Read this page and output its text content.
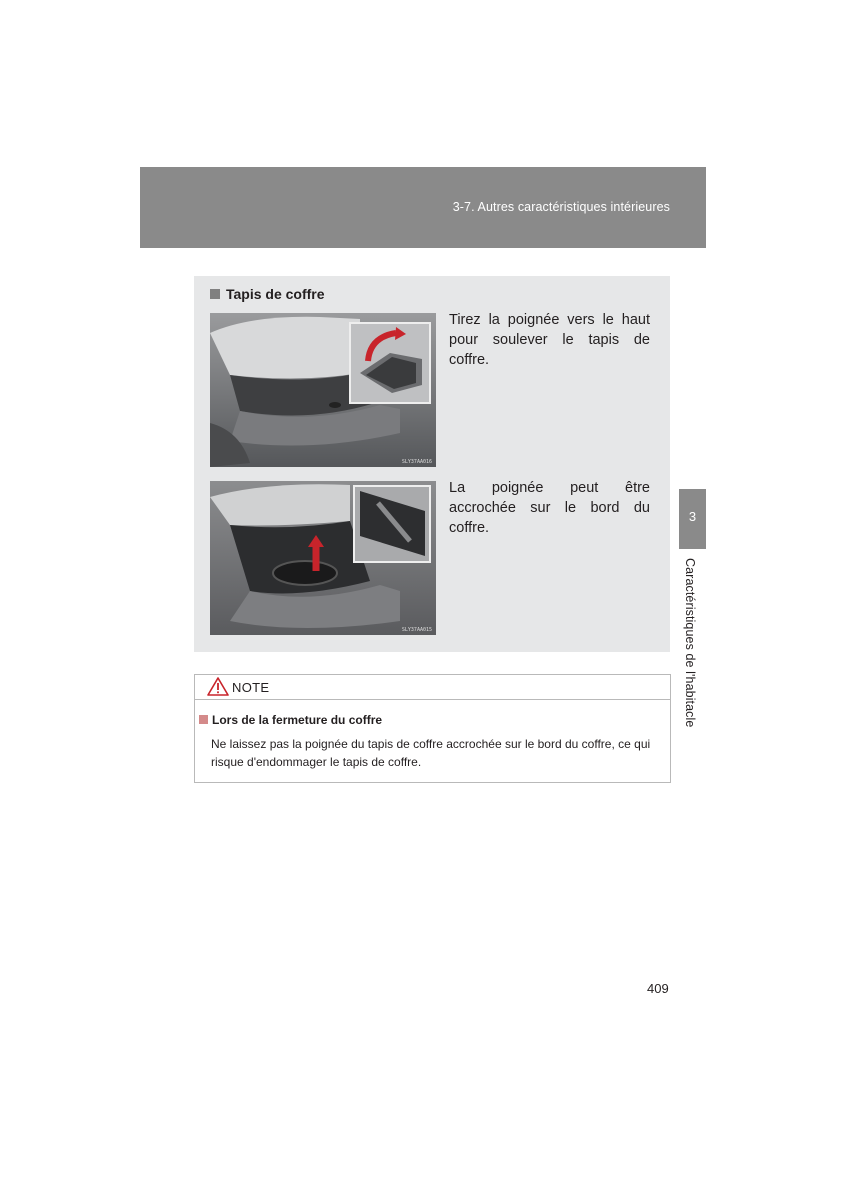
3-7. Autres caractéristiques intérieures
3
Caractéristiques de l'habitacle
Tapis de coffre
SLY37AA016
Tirez la poignée vers le haut pour soulever le tapis de coffre.
SLY37AA015
La poignée peut être accrochée sur le bord du coffre.
NOTE
Lors de la fermeture du coffre
Ne laissez pas la poignée du tapis de coffre accrochée sur le bord du coffre, ce qui risque d'endommager le tapis de coffre.
409
